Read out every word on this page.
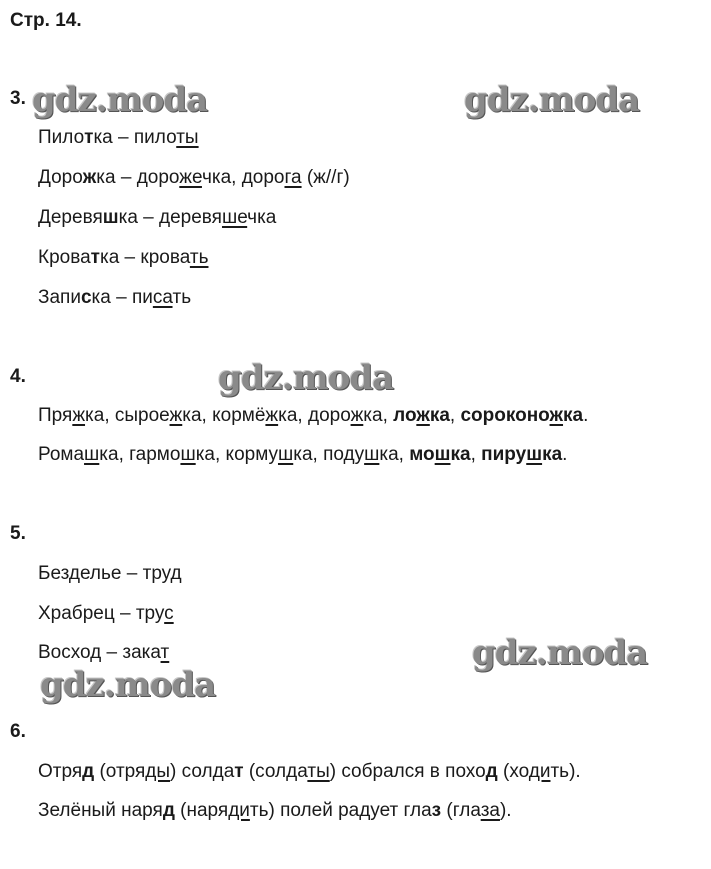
Стр. 14.
3.
Пилотка – пилоты
Дорожка – дорожечка, дорога (ж//г)
Деревяшка – деревяшечка
Кроватка – кровать
Записка – писать
4.
Пряжка, сыроежка, кормёжка, дорожка, ложка, сороконожка.
Ромашка, гармошка, кормушка, подушка, мошка, пирушка.
5.
Безделье – труд
Храбрец – трус
Восход – закат
6.
Отряд (отряды) солдат (солдаты) собрался в поход (ходить).
Зелёный наряд (нарядить) полей радует глаз (глаза).
gdz.moda	gdz.moda
gdz.moda
gdz.moda
gdz.moda
